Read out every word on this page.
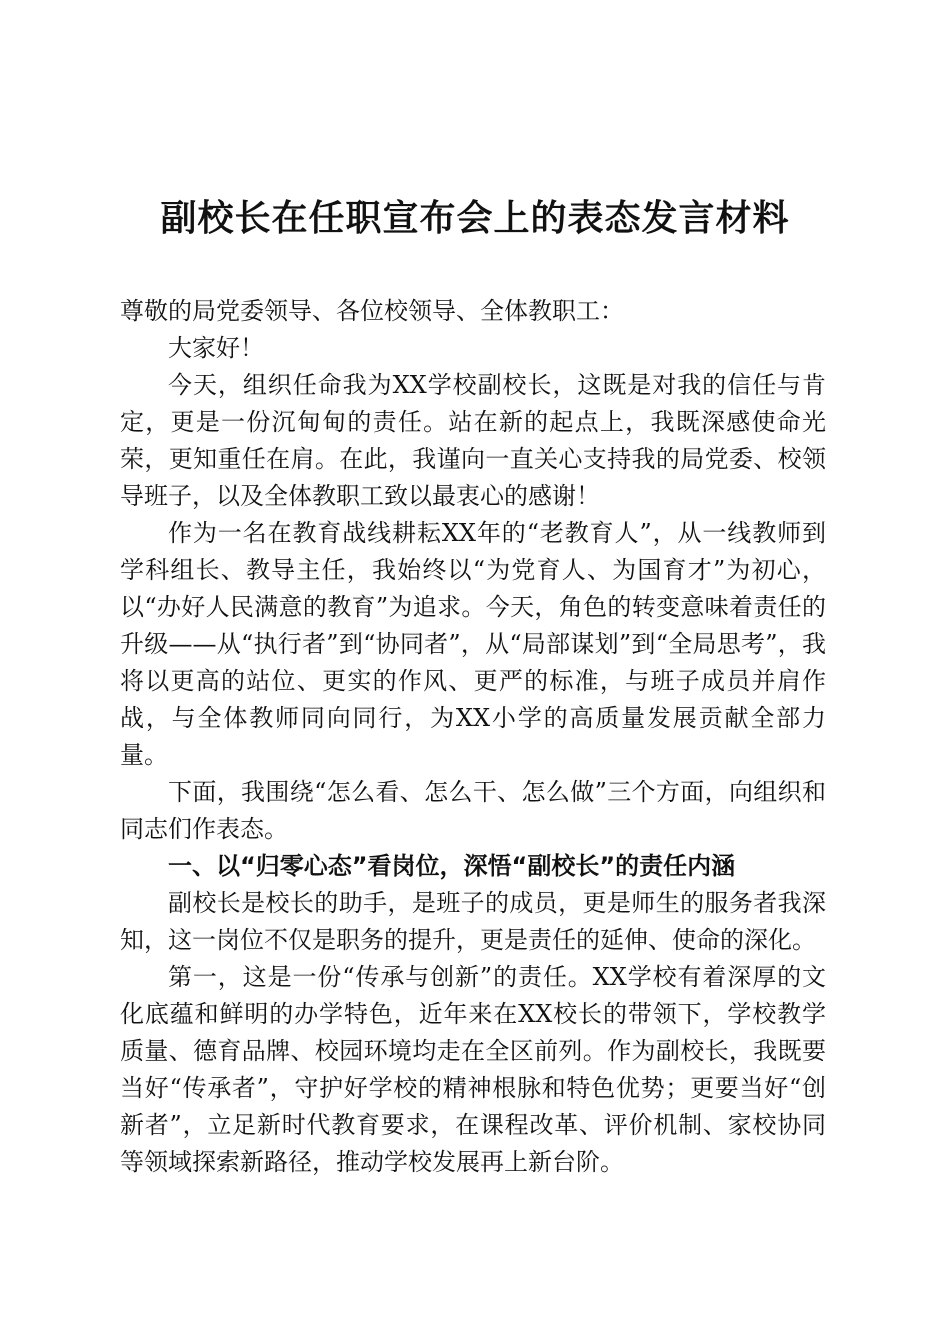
副校长在任职宣布会上的表态发言材料

尊敬的局党委领导、各位校领导、全体教职工：

大家好！

今天，组织任命我为XX学校副校长，这既是对我的信任与肯定，更是一份沉甸甸的责任。站在新的起点上，我既深感使命光荣，更知重任在肩。在此，我谨向一直关心支持我的局党委、校领导班子，以及全体教职工致以最衷心的感谢！

作为一名在教育战线耕耘XX年的“老教育人”，从一线教师到学科组长、教导主任，我始终以“为党育人、为国育才”为初心，以“办好人民满意的教育”为追求。今天，角色的转变意味着责任的升级——从“执行者”到“协同者”，从“局部谋划”到“全局思考”，我将以更高的站位、更实的作风、更严的标准，与班子成员并肩作战，与全体教师同向同行，为XX小学的高质量发展贡献全部力量。

下面，我围绕“怎么看、怎么干、怎么做”三个方面，向组织和同志们作表态。

一、以“归零心态”看岗位，深悟“副校长”的责任内涵

副校长是校长的助手，是班子的成员，更是师生的服务者我深知，这一岗位不仅是职务的提升，更是责任的延伸、使命的深化。

第一，这是一份“传承与创新”的责任。XX学校有着深厚的文化底蕴和鲜明的办学特色，近年来在XX校长的带领下，学校教学质量、德育品牌、校园环境均走在全区前列。作为副校长，我既要当好“传承者”，守护好学校的精神根脉和特色优势；更要当好“创新者”，立足新时代教育要求，在课程改革、评价机制、家校协同等领域探索新路径，推动学校发展再上新台阶。
